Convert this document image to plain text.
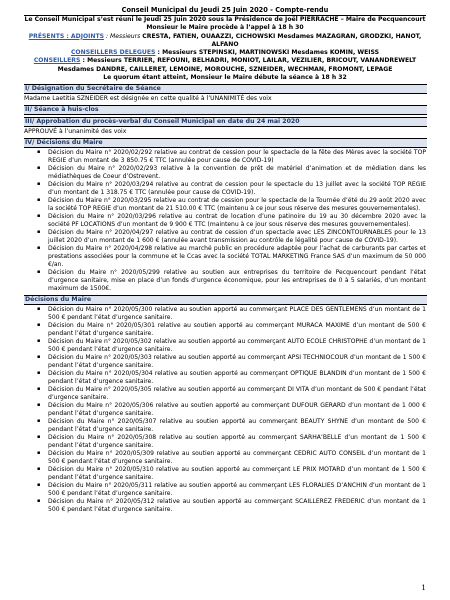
Conseil Municipal du Jeudi 25 Juin 2020 - Compte-rendu
Le Conseil Municipal s’est réuni le Jeudi 25 Juin 2020 sous la Présidence de Joël PIERRACHE – Maire de Pecquencourt
Monsieur le Maire procède à l’appel à 18 h 30
PRÉSENTS : ADJOINTS : Messieurs CRESTA, FATIEN, OUAAZZI, CICHOWSKI Mesdames MAZAGRAN, GRODZKI, HANOT, ALFANO
CONSEILLERS DELEGUES : Messieurs STEPINSKI, MARTINOWSKI Mesdames KOMIN, WEISS
CONSEILLERS : Messieurs TERRIER, REFOUNI, BELHADRI, MONIOT, LAILAR, VEZILIER, BRICOUT, VANANDREWELT
Mesdames DANDRE, CAILLERET, LEMOINE, MOROUCHE, SZNEIDER, WECHMAN, FROMONT, LEPAGE
Le quorum étant atteint, Monsieur le Maire débute la séance à 18 h 32
I/ Désignation du Secrétaire de Séance
Madame Laetitia SZNEIDER est désignée en cette qualité à l’UNANIMITÉ des voix
II/ Séance à huis-clos
III/ Approbation du procès-verbal du Conseil Municipal en date du 24 mai 2020
APPROUVÉ à l’unanimité des voix
IV/ Décisions du Maire
▪ Décision du Maire n° 2020/02/292 relative au contrat de cession pour le spectacle de la fête des Mères avec la société TOP REGIE d’un montant de 3 850.75 € TTC (annulée pour cause de COVID-19)
▪ Décision du Maire n° 2020/02/293 relative à la convention de prêt de matériel d’animation et de médiation dans les médiathèques de Coeur d’Ostrevent.
▪ Décision du Maire n° 2020/03/294 relative au contrat de cession pour le spectacle du 13 juillet avec la société TOP REGIE d’un montant de 1 318.75 € TTC (annulée pour cause de COVID-19).
▪ Décision du Maire n° 2020/03/295 relative au contrat de cession pour le spectacle de la Tournée d’été du 29 août 2020 avec la société TOP REGIE d’un montant de 21 510.00 € TTC (maintenu à ce jour sous réserve des mesures gouvernementales).
▪ Décision du Maire n° 2020/03/296 relative au contrat de location d’une patinoire du 19 au 30 décembre 2020 avec la société PF LOCATIONS d’un montant de 9 900 € TTC (maintenu à ce jour sous réserve des mesures gouvernementales).
▪ Décision du Maire n° 2020/04/297 relative au contrat de cession d’un spectacle avec LES ZINCONTOURNABLES pour le 13 juillet 2020 d’un montant de 1 600 € (annulée avant transmission au contrôle de légalité pour cause de COVID-19).
▪ Décision du Maire n° 2020/04/298 relative au marché public en procédure adaptée pour l’achat de carburants par cartes et prestations associées pour la commune et le Ccas avec la société TOTAL MARKETING France SAS d’un maximum de 50 000 €/an.
▪ Décision du Maire n° 2020/05/299 relative au soutien aux entreprises du territoire de Pecquencourt pendant l’état d’urgence sanitaire, mise en place d’un fonds d’urgence économique, pour les entreprises de 0 à 5 salariés, d’un montant maximum de 1500€.
Décisions du Maire
▪ Décision du Maire n° 2020/05/300 relative au soutien apporté au commerçant PLACE DES GENTLEMENS d’un montant de 1 500 € pendant l’état d’urgence sanitaire.
▪ Décision du Maire n° 2020/05/301 relative au soutien apporté au commerçant MURACA MAXIME d’un montant de 500 € pendant l’état d’urgence sanitaire.
▪ Décision du Maire n° 2020/05/302 relative au soutien apporté au commerçant AUTO ECOLE CHRISTOPHE d’un montant de 1 500 € pendant l’état d’urgence sanitaire.
▪ Décision du Maire n° 2020/05/303 relative au soutien apporté au commerçant APSI TECHNIOCOUR d’un montant de 1 500 € pendant l’état d’urgence sanitaire.
▪ Décision du Maire n° 2020/05/304 relative au soutien apporté au commerçant OPTIQUE BLANDIN d’un montant de 1 500 € pendant l’état d’urgence sanitaire.
▪ Décision du Maire n° 2020/05/305 relative au soutien apporté au commerçant DI VITA d’un montant de 500 € pendant l’état d’urgence sanitaire.
▪ Décision du Maire n° 2020/05/306 relative au soutien apporté au commerçant DUFOUR GERARD d’un montant de 1 000 € pendant l’état d’urgence sanitaire.
▪ Décision du Maire n° 2020/05/307 relative au soutien apporté au commerçant BEAUTY SHYNE d’un montant de 500 € pendant l’état d’urgence sanitaire.
▪ Décision du Maire n° 2020/05/308 relative au soutien apporté au commerçant SARHA’BELLE d’un montant de 1 500 € pendant l’état d’urgence sanitaire.
▪ Décision du Maire n° 2020/05/309 relative au soutien apporté au commerçant CEDRIC AUTO CONSEIL d’un montant de 1 500 € pendant l’état d’urgence sanitaire.
▪ Décision du Maire n° 2020/05/310 relative au soutien apporté au commerçant LE PRIX MOTARD d’un montant de 1 500 € pendant l’état d’urgence sanitaire.
▪ Décision du Maire n° 2020/05/311 relative au soutien apporté au commerçant LES FLORALIES D’ANCHIN d’un montant de 1 500 € pendant l’état d’urgence sanitaire.
▪ Décision du Maire n° 2020/05/312 relative au soutien apporté au commerçant SCAILLEREZ FREDERIC d’un montant de 1 500 € pendant l’état d’urgence sanitaire.
1
